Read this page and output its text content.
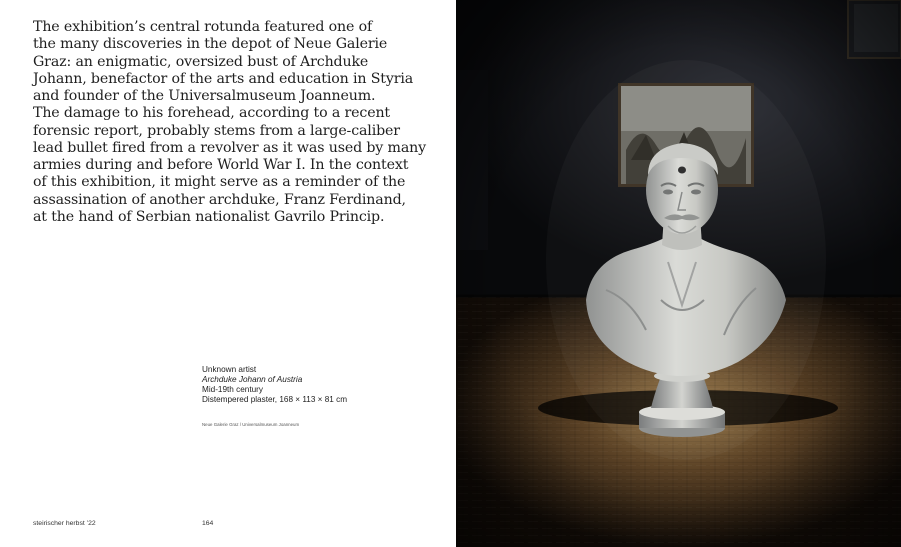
The exhibition’s central rotunda featured one of
the many discoveries in the depot of Neue Galerie
Graz: an enigmatic, oversized bust of Archduke
Johann, benefactor of the arts and education in Styria
and founder of the Universalmuseum Joanneum.
The damage to his forehead, according to a recent
forensic report, probably stems from a large-caliber
lead bullet fired from a revolver as it was used by many
armies during and before World War I. In the context
of this exhibition, it might serve as a reminder of the
assassination of another archduke, Franz Ferdinand,
at the hand of Serbian nationalist Gavrilo Princip.

Unknown artist
Archduke Johann of Austria
Mid-19th century
Distempered plaster, 168 × 113 × 81 cm
Neue Galerie Graz / Universalmuseum Joanneum
steirischer herbst ’22	164
